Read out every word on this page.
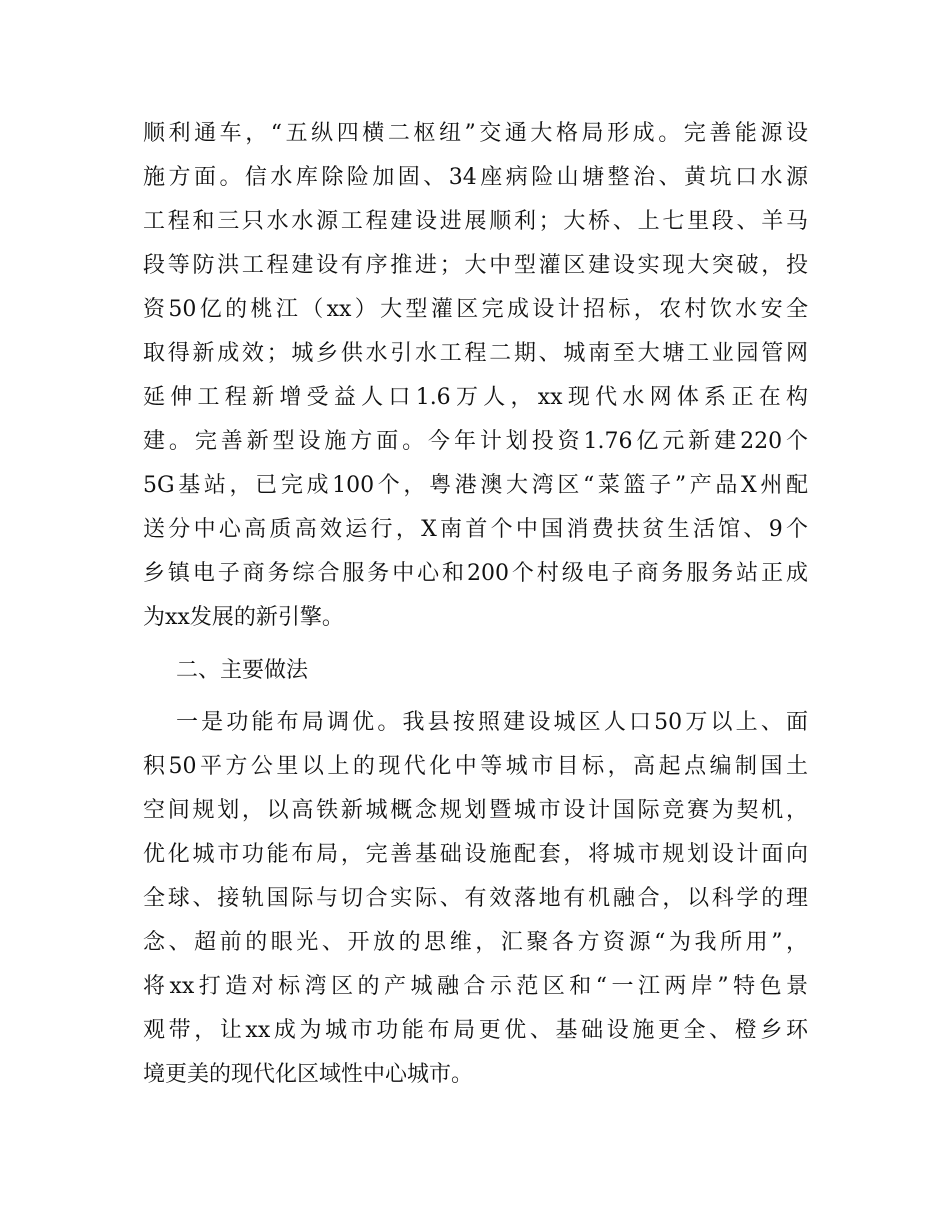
顺利通车，“五纵四横二枢纽”交通大格局形成。完善能源设
施方面。信水库除险加固、34座病险山塘整治、黄坑口水源
工程和三只水水源工程建设进展顺利；大桥、上七里段、羊马
段等防洪工程建设有序推进；大中型灌区建设实现大突破，投
资50亿的桃江（xx）大型灌区完成设计招标，农村饮水安全
取得新成效；城乡供水引水工程二期、城南至大塘工业园管网
延伸工程新增受益人口1.6万人，xx现代水网体系正在构
建。完善新型设施方面。今年计划投资1.76亿元新建220个
5G基站，已完成100个，粤港澳大湾区“菜篮子”产品X州配
送分中心高质高效运行，X南首个中国消费扶贫生活馆、9个
乡镇电子商务综合服务中心和200个村级电子商务服务站正成
为xx发展的新引擎。
二、主要做法
一是功能布局调优。我县按照建设城区人口50万以上、面
积50平方公里以上的现代化中等城市目标，高起点编制国土
空间规划，以高铁新城概念规划暨城市设计国际竞赛为契机，
优化城市功能布局，完善基础设施配套，将城市规划设计面向
全球、接轨国际与切合实际、有效落地有机融合，以科学的理
念、超前的眼光、开放的思维，汇聚各方资源“为我所用”，
将xx打造对标湾区的产城融合示范区和“一江两岸”特色景
观带，让xx成为城市功能布局更优、基础设施更全、橙乡环
境更美的现代化区域性中心城市。
